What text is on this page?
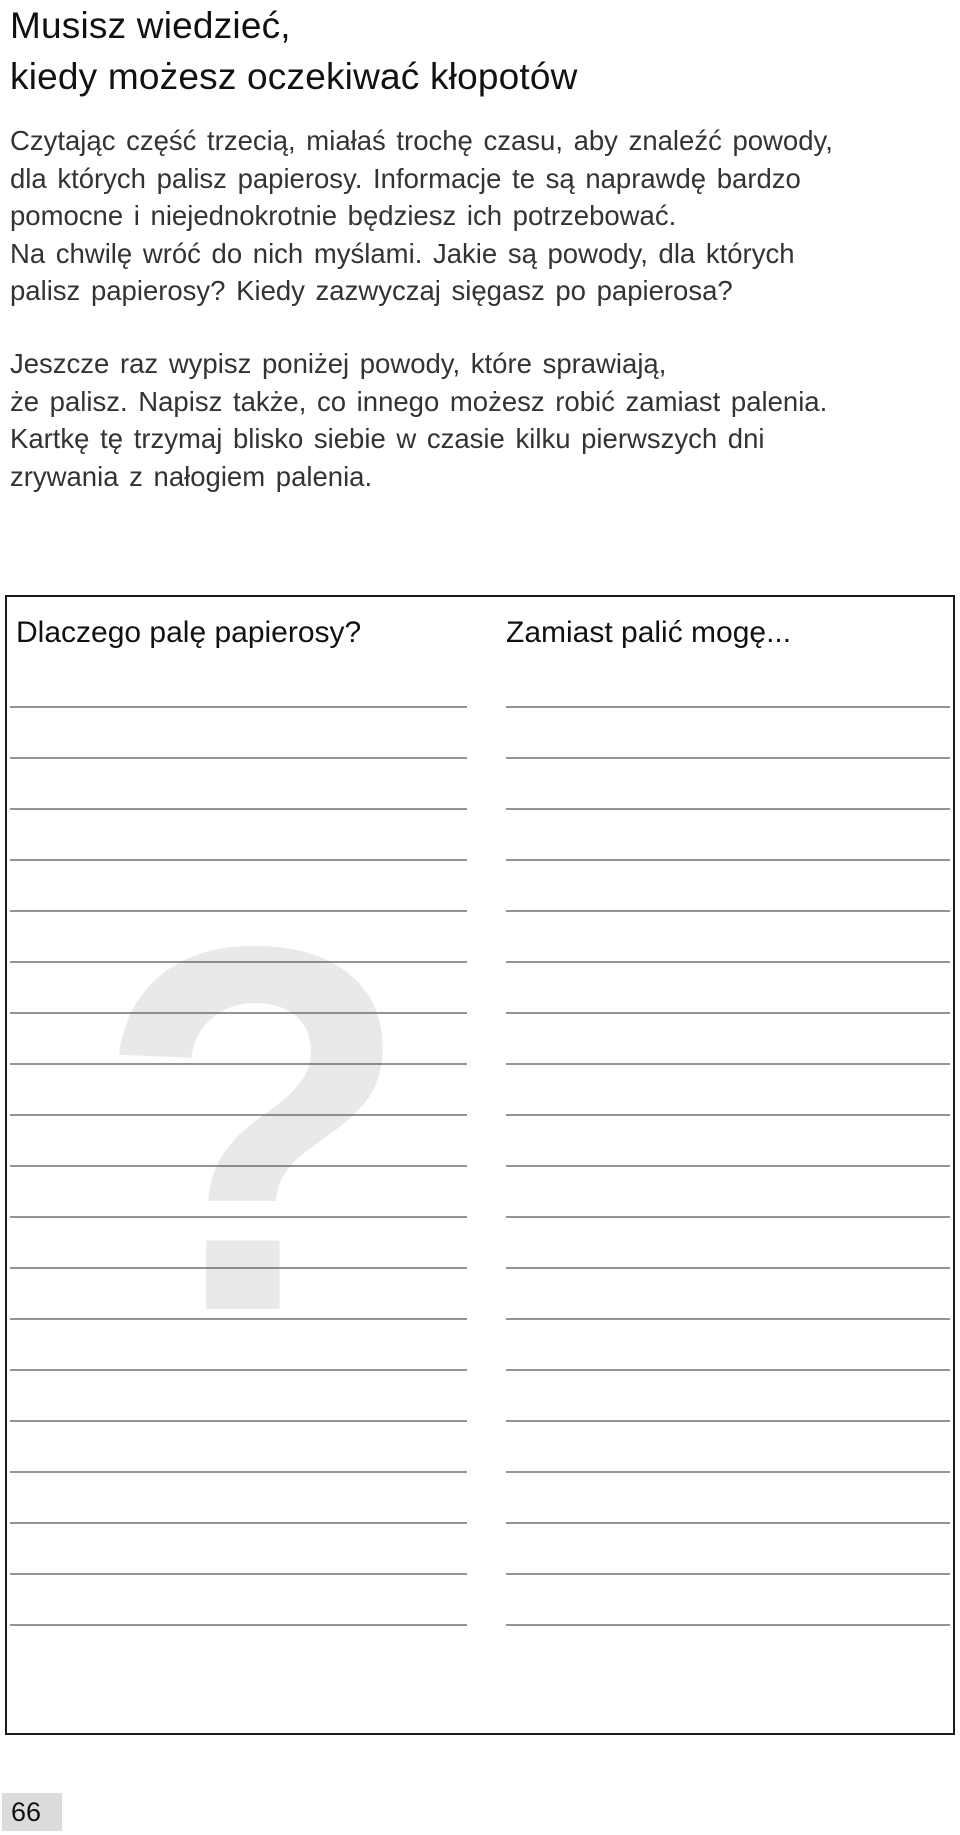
Musisz wiedzieć,
kiedy możesz oczekiwać kłopotów
Czytając część trzecią, miałaś trochę czasu, aby znaleźć powody,
dla których palisz papierosy. Informacje te są naprawdę bardzo
pomocne i niejednokrotnie będziesz ich potrzebować.
Na chwilę wróć do nich myślami. Jakie są powody, dla których
palisz papierosy? Kiedy zazwyczaj sięgasz po papierosa?
Jeszcze raz wypisz poniżej powody, które sprawiają,
że palisz. Napisz także, co innego możesz robić zamiast palenia.
Kartkę tę trzymaj blisko siebie w czasie kilku pierwszych dni
zrywania z nałogiem palenia.
?
Dlaczego palę papierosy?	Zamiast palić mogę...
66
